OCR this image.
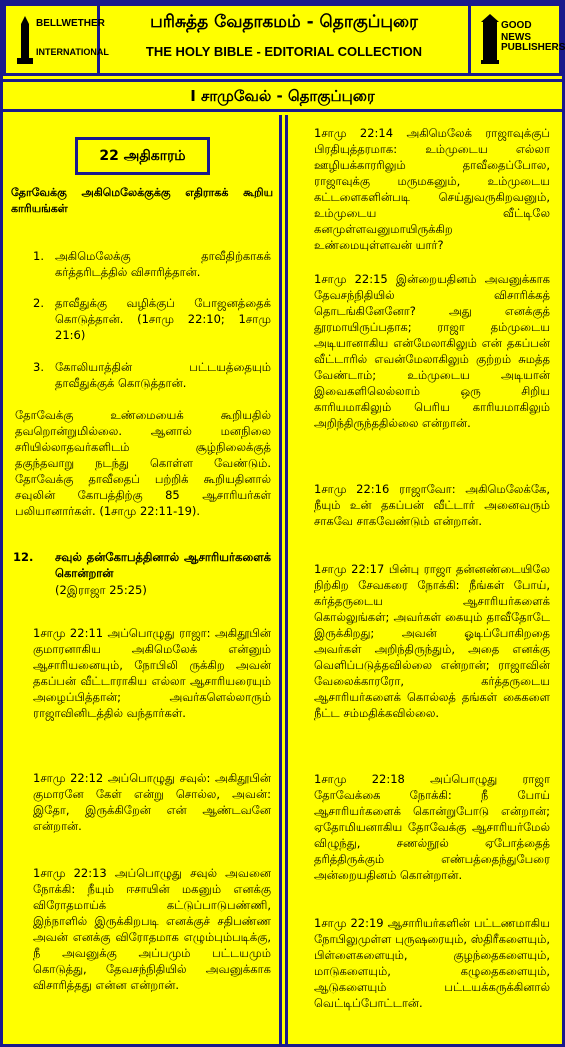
BELLWETHER
INTERNATIONAL
பரிசுத்த வேதாகமம் - தொகுப்புரை
THE HOLY BIBLE - EDITORIAL COLLECTION
GOOD NEWS
PUBLISHERS
I சாமுவேல் - தொகுப்புரை
22 அதிகாரம்
தோவேக்கு அகிமெலேக்குக்கு எதிராகக் கூறிய காரியங்கள்
1. அகிமெலேக்கு தாவீதிற்காகக் கர்த்தரிடத்தில் விசாரித்தான்.
2. தாவீதுக்கு வழிக்குப் போஜனத்தைக் கொடுத்தான். (1சாமு 22:10; 1சாமு 21:6)
3. கோலியாத்தின் பட்டயத்தையும் தாவீதுக்குக் கொடுத்தான்.
தோவேக்கு உண்மையைக் கூறியதில் தவறொன்றுமில்லை. ஆனால் மனநிலை சரியில்லாதவர்களிடம் சூழ்நிலைக்குத் தகுந்தவாறு நடந்து கொள்ள வேண்டும். தோவேக்கு தாவீதைப் பற்றிக் கூறியதினால் சவுலின் கோபத்திற்கு 85 ஆசாரியர்கள் பலியானார்கள். (1சாமு 22:11-19).
12.	சவுல் தன்கோபத்தினால் ஆசாரியர்களைக் கொன்றான்
(2இராஜா 25:25)
1சாமு 22:11 அப்பொழுது ராஜா: அகிதூபின் குமாரனாகிய அகிமெலேக் என்னும் ஆசாரியனையும், நோபிலி ருக்கிற அவன் தகப்பன் வீட்டாராகிய எல்லா ஆசாரியரையும் அழைப்பித்தான்; அவர்களெல்லாரும் ராஜாவினிடத்தில் வந்தார்கள்.
1சாமு 22:12 அப்பொழுது சவுல்: அகிதூபின் குமாரனே கேள் என்று சொல்ல, அவன்: இதோ, இருக்கிறேன் என் ஆண்டவனே என்றான்.
1சாமு 22:13 அப்பொழுது சவுல் அவனை நோக்கி: நீயும் ஈசாயின் மகனும் எனக்கு விரோதமாய்க் கட்டுப்பாடுபண்ணி, இந்நாளில் இருக்கிறபடி எனக்குச் சதிபண்ண அவன் எனக்கு விரோதமாக எழும்பும்படிக்கு, நீ அவனுக்கு அப்பமும் பட்டயமும் கொடுத்து, தேவசந்நிதியில் அவனுக்காக விசாரித்தது என்ன என்றான்.
1சாமு 22:14 அகிமெலேக் ராஜாவுக்குப் பிரதியுத்தரமாக: உம்முடைய எல்லா ஊழியக்காரரிலும் தாவீதைப்போல, ராஜாவுக்கு மருமகனும், உம்முடைய கட்டளைகளின்படி செய்துவருகிறவனும், உம்முடைய வீட்டிலே கனமுள்ளவனுமாயிருக்கிற உண்மையுள்ளவன் யார்?
1சாமு 22:15 இன்றையதினம் அவனுக்காக தேவசந்நிதியில் விசாரிக்கத் தொடங்கினேனோ? அது எனக்குத் தூரமாயிருப்பதாக; ராஜா தம்முடைய அடியானாகிய என்மேலாகிலும் என் தகப்பன் வீட்டாரில் எவன்மேலாகிலும் குற்றம் சுமத்த வேண்டாம்; உம்முடைய அடியான் இவைகளிலெல்லாம் ஒரு சிறிய காரியமாகிலும் பெரிய காரியமாகிலும் அறிந்திருந்ததில்லை என்றான்.
1சாமு 22:16 ராஜாவோ: அகிமெலேக்கே, நீயும் உன் தகப்பன் வீட்டார் அனைவரும் சாகவே சாகவேண்டும் என்றான்.
1சாமு 22:17 பின்பு ராஜா தன்னண்டையிலே நிற்கிற சேவகரை நோக்கி: நீங்கள் போய், கர்த்தருடைய ஆசாரியர்களைக் கொல்லுங்கள்; அவர்கள் கையும் தாவீதோடே இருக்கிறது; அவன் ஓடிப்போகிறதை அவர்கள் அறிந்திருந்தும், அதை எனக்கு வெளிப்படுத்தவில்லை என்றான்; ராஜாவின் வேலைக்காரரோ, கர்த்தருடைய ஆசாரியர்களைக் கொல்லத் தங்கள் கைகளை நீட்ட சம்மதிக்கவில்லை.
1சாமு 22:18 அப்பொழுது ராஜா தோவேக்கை நோக்கி: நீ போய் ஆசாரியர்களைக் கொன்றுபோடு என்றான்; ஏதோமியனாகிய தோவேக்கு ஆசாரியர்மேல் விழுந்து, சணல்நூல் ஏபோத்தைத் தரித்திருக்கும் எண்பத்தைந்துபேரை அன்றையதினம் கொன்றான்.
1சாமு 22:19 ஆசாரியர்களின் பட்டணமாகிய நோபிலுமுள்ள புருஷரையும், ஸ்திரீகளையும், பிள்ளைகளையும், குழந்தைகளையும், மாடுகளையும், கழுதைகளையும், ஆடுகளையும் பட்டயக்கருக்கினால் வெட்டிப்போட்டான்.
